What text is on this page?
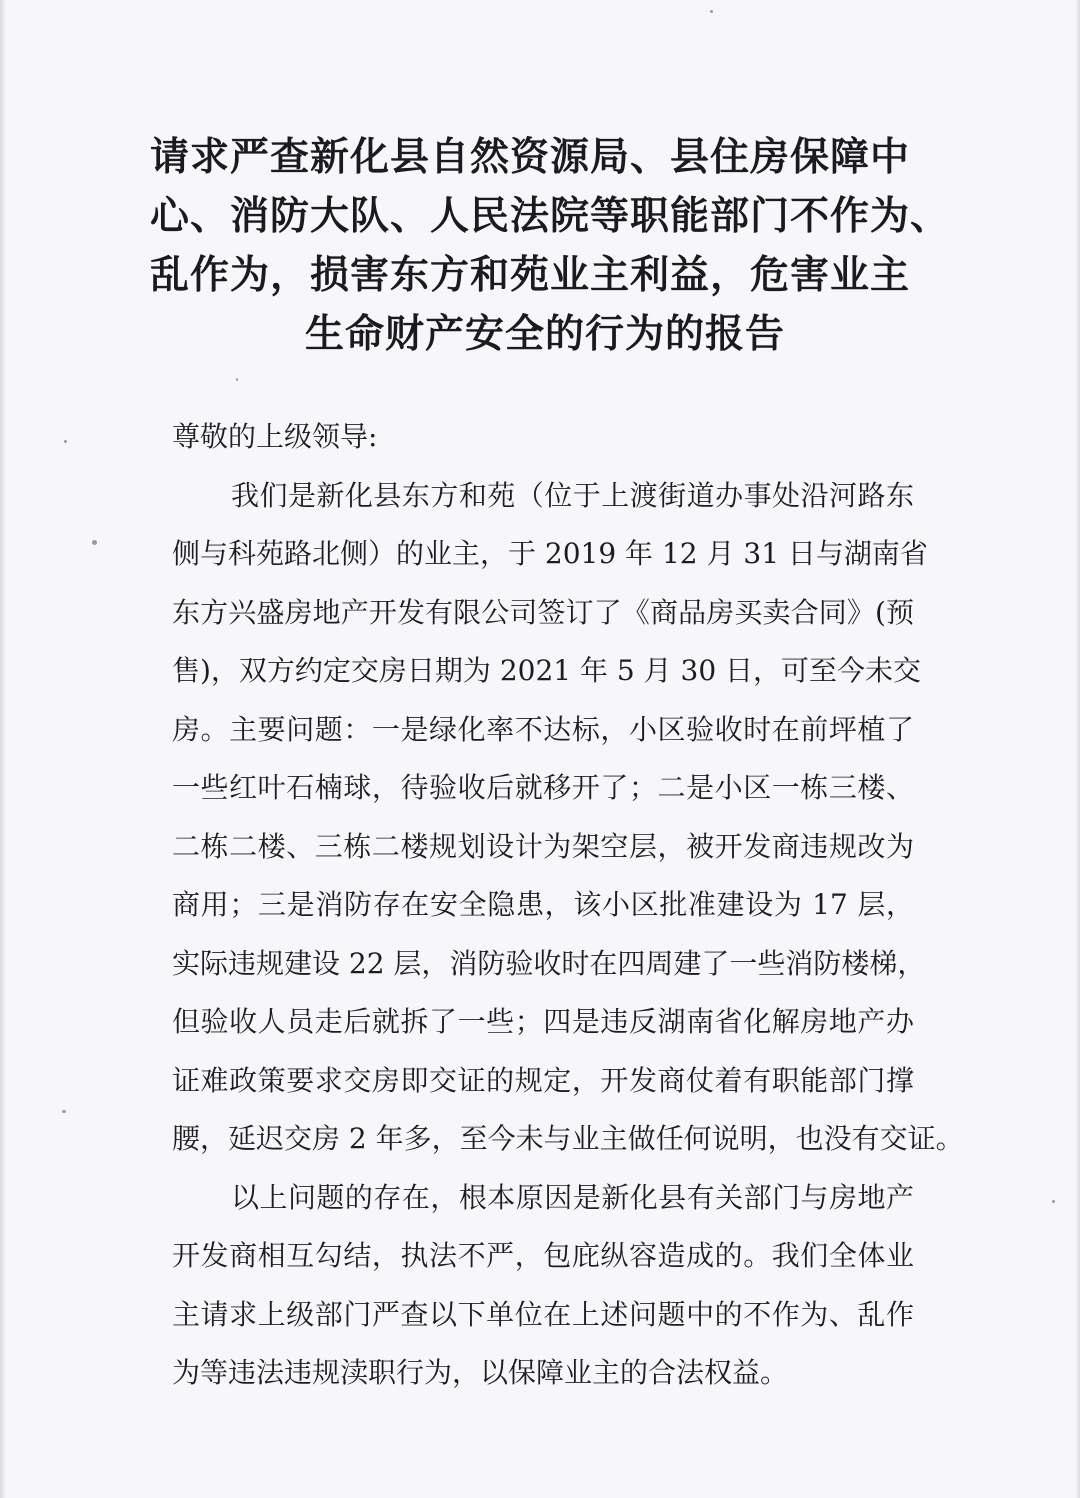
请求严查新化县自然资源局、县住房保障中
心、消防大队、人民法院等职能部门不作为、
乱作为，损害东方和苑业主利益，危害业主
生命财产安全的行为的报告
尊敬的上级领导:
我们是新化县东方和苑（位于上渡街道办事处沿河路东
侧与科苑路北侧）的业主，于 2019 年 12 月 31 日与湖南省
东方兴盛房地产开发有限公司签订了《商品房买卖合同》(预
售)，双方约定交房日期为 2021 年 5 月 30 日，可至今未交
房。主要问题：一是绿化率不达标，小区验收时在前坪植了
一些红叶石楠球，待验收后就移开了；二是小区一栋三楼、
二栋二楼、三栋二楼规划设计为架空层，被开发商违规改为
商用；三是消防存在安全隐患，该小区批准建设为 17 层，
实际违规建设 22 层，消防验收时在四周建了一些消防楼梯，
但验收人员走后就拆了一些；四是违反湖南省化解房地产办
证难政策要求交房即交证的规定，开发商仗着有职能部门撑
腰，延迟交房 2 年多，至今未与业主做任何说明，也没有交证。
以上问题的存在，根本原因是新化县有关部门与房地产
开发商相互勾结，执法不严，包庇纵容造成的。我们全体业
主请求上级部门严查以下单位在上述问题中的不作为、乱作
为等违法违规渎职行为，以保障业主的合法权益。
